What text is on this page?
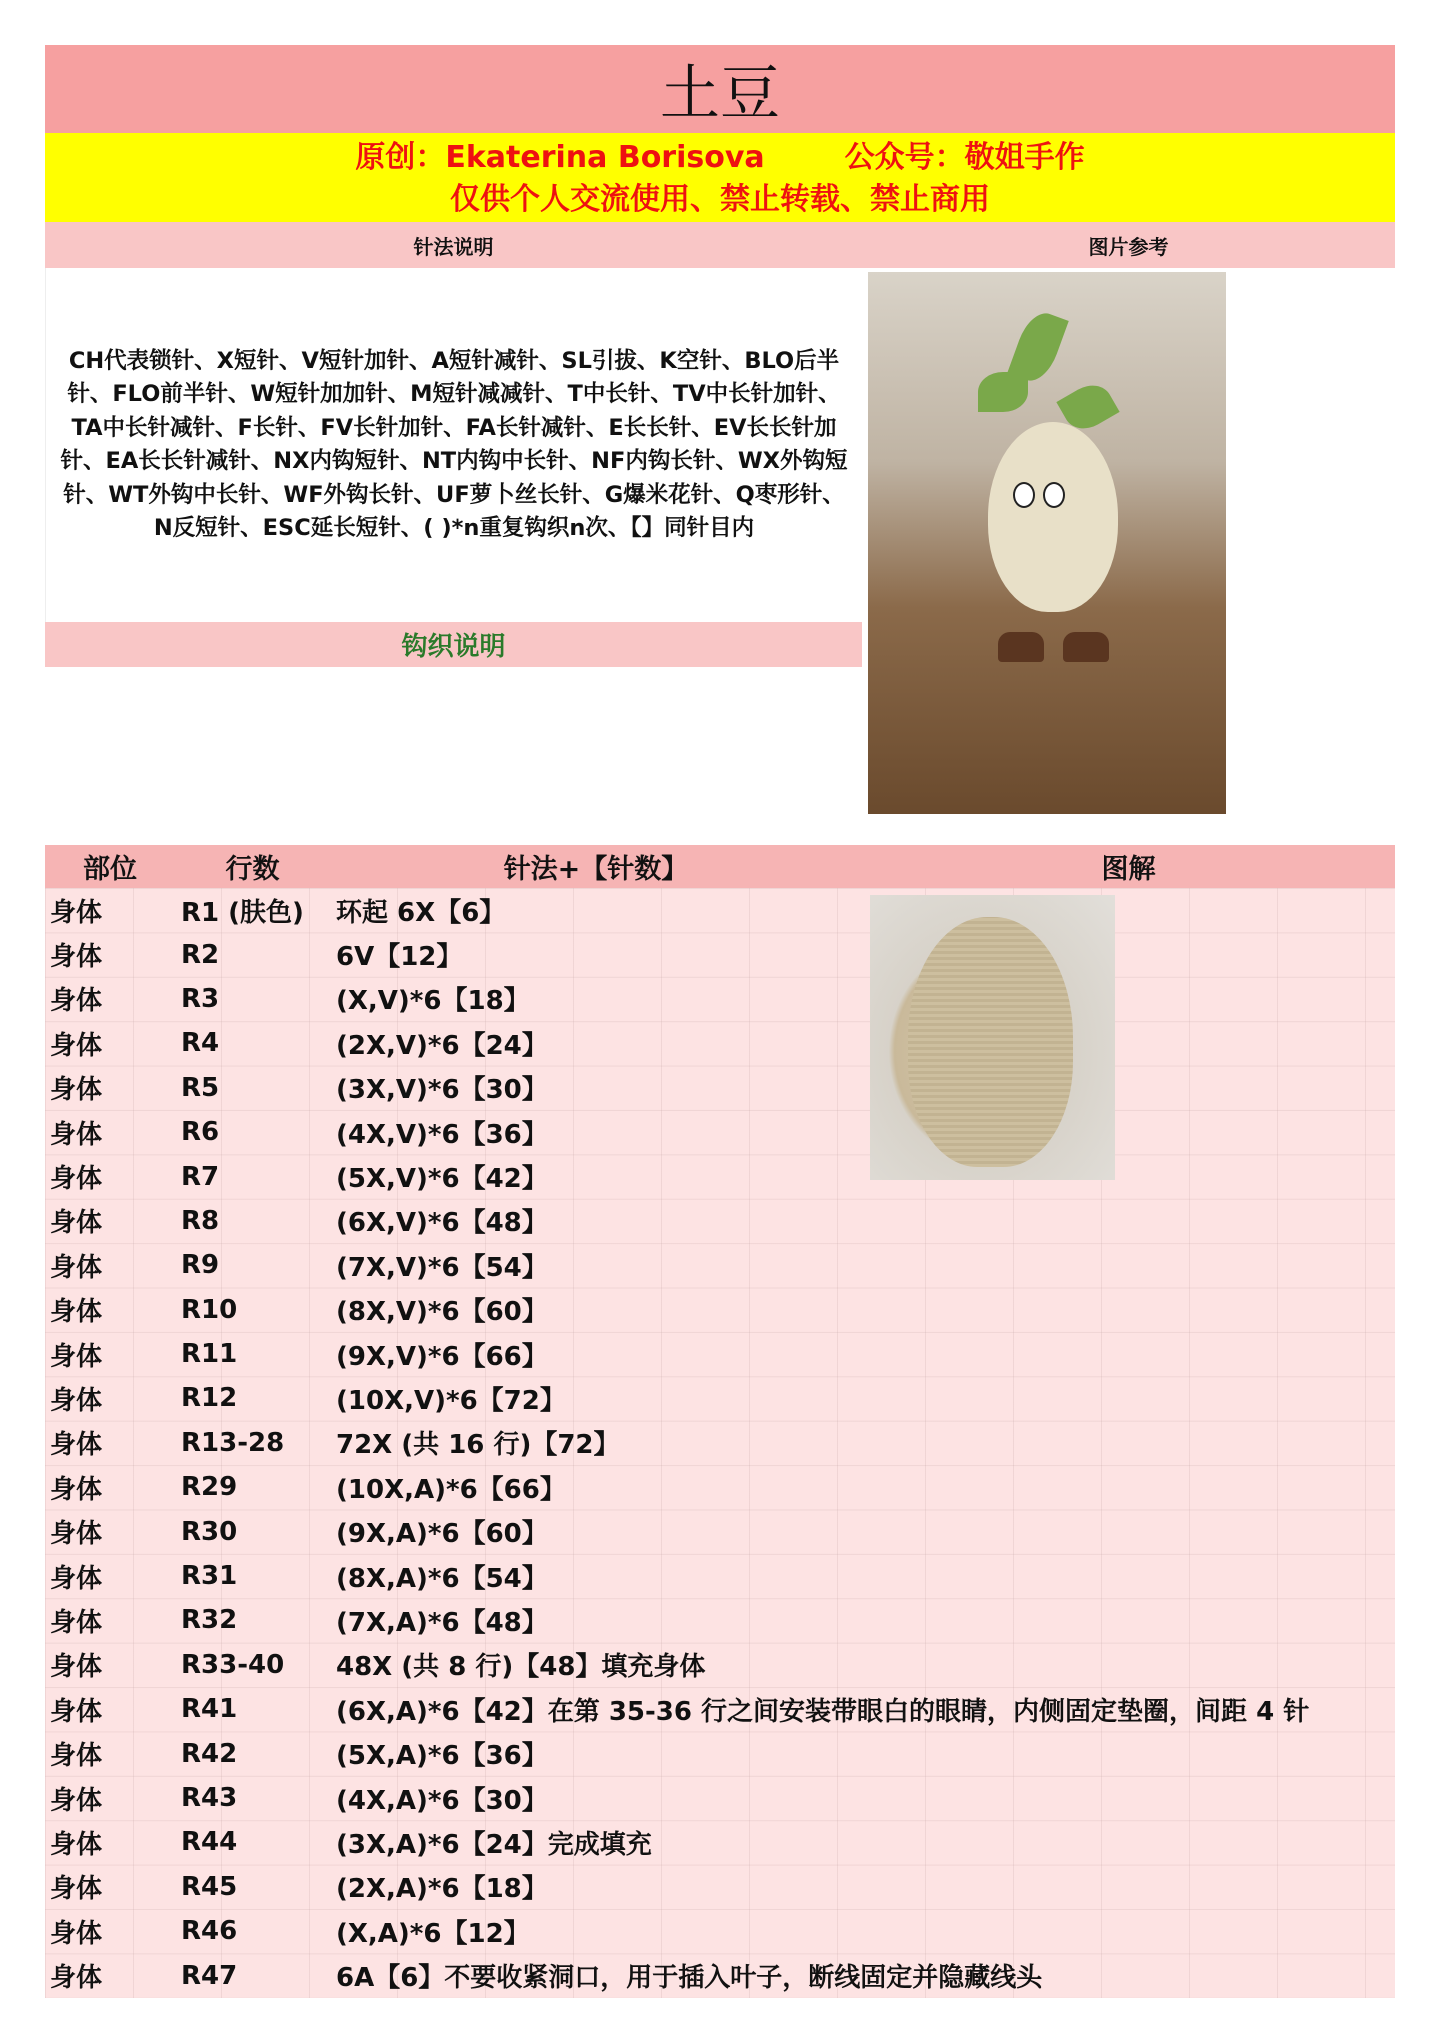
土豆
原创：Ekaterina Borisova	公众号：敬姐手作
仅供个人交流使用、禁止转载、禁止商用
针法说明	图片参考
CH代表锁针、X短针、V短针加针、A短针减针、SL引拔、K空针、BLO后半针、FLO前半针、W短针加加针、M短针减减针、T中长针、TV中长针加针、TA中长针减针、F长针、FV长针加针、FA长针减针、E长长针、EV长长针加针、EA长长针减针、NX内钩短针、NT内钩中长针、NF内钩长针、WX外钩短针、WT外钩中长针、WF外钩长针、UF萝卜丝长针、G爆米花针、Q枣形针、N反短针、ESC延长短针、( )*n重复钩织n次、【】同针目内
钩织说明
部位	行数	针法+【针数】	图解
身体	R1 (肤色)	环起 6X【6】
身体	R2	6V【12】
身体	R3	(X,V)*6【18】
身体	R4	(2X,V)*6【24】
身体	R5	(3X,V)*6【30】
身体	R6	(4X,V)*6【36】
身体	R7	(5X,V)*6【42】
身体	R8	(6X,V)*6【48】
身体	R9	(7X,V)*6【54】
身体	R10	(8X,V)*6【60】
身体	R11	(9X,V)*6【66】
身体	R12	(10X,V)*6【72】
身体	R13-28	72X (共 16 行)【72】
身体	R29	(10X,A)*6【66】
身体	R30	(9X,A)*6【60】
身体	R31	(8X,A)*6【54】
身体	R32	(7X,A)*6【48】
身体	R33-40	48X (共 8 行)【48】填充身体
身体	R41	(6X,A)*6【42】在第 35-36 行之间安装带眼白的眼睛，内侧固定垫圈，间距 4 针
身体	R42	(5X,A)*6【36】
身体	R43	(4X,A)*6【30】
身体	R44	(3X,A)*6【24】完成填充
身体	R45	(2X,A)*6【18】
身体	R46	(X,A)*6【12】
身体	R47	6A【6】不要收紧洞口，用于插入叶子，断线固定并隐藏线头
